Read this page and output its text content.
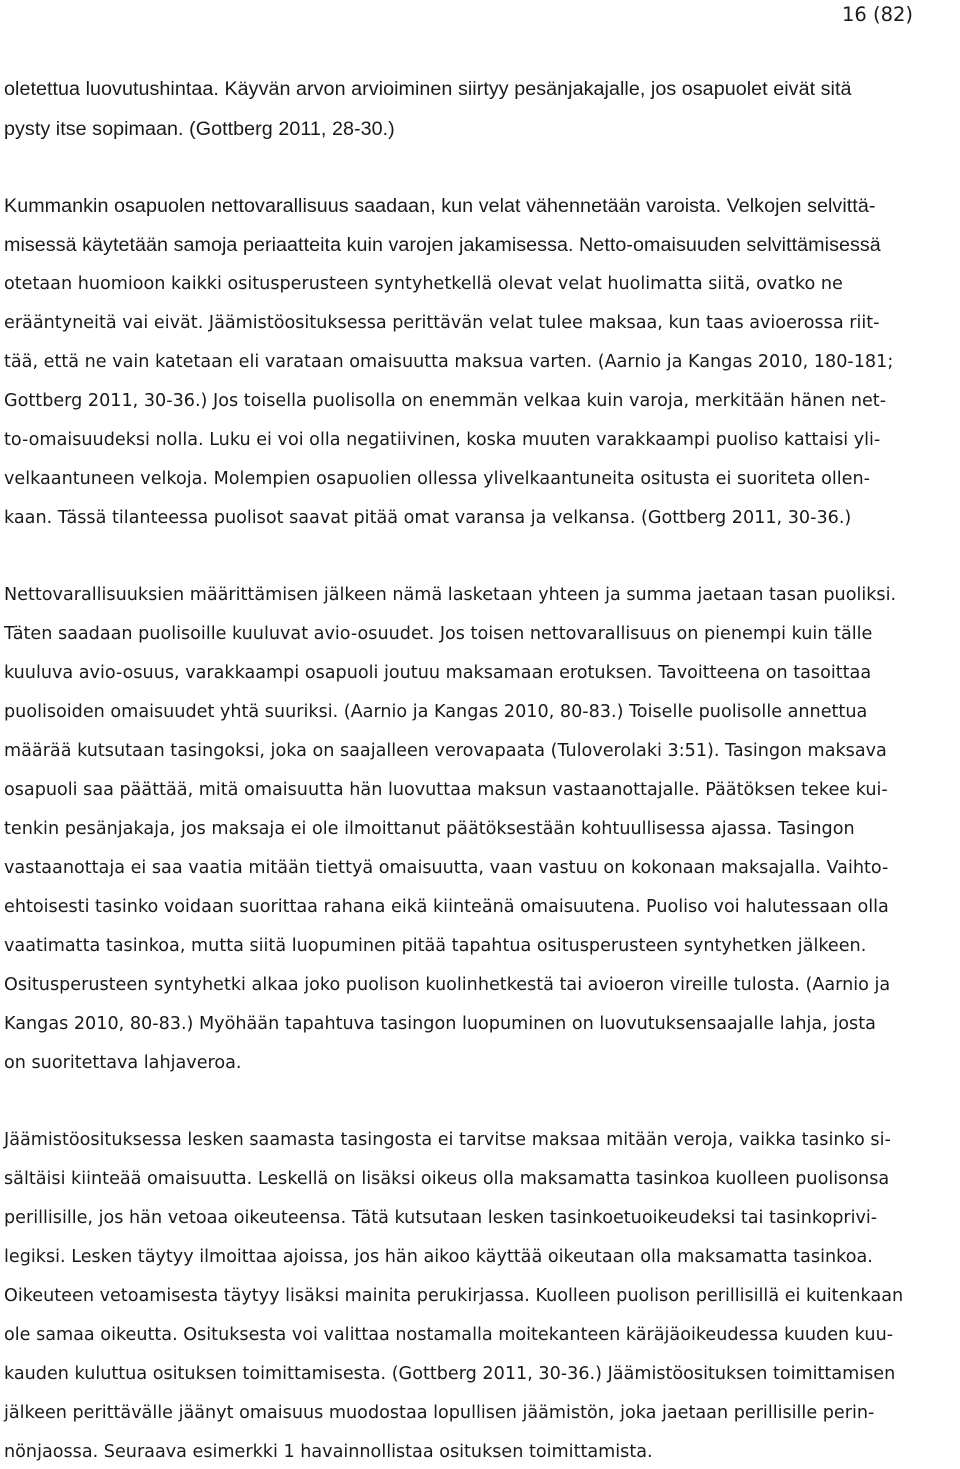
16 (82)
oletettua luovutushintaa. Käyvän arvon arvioiminen siirtyy pesänjakajalle, jos osapuolet eivät sitä
pysty itse sopimaan. (Gottberg 2011, 28-30.)
Kummankin osapuolen nettovarallisuus saadaan, kun velat vähennetään varoista. Velkojen selvittä-
misessä käytetään samoja periaatteita kuin varojen jakamisessa. Netto-omaisuuden selvittämisessä
otetaan huomioon kaikki ositusperusteen syntyhetkellä olevat velat huolimatta siitä, ovatko ne
erääntyneitä vai eivät. Jäämistöosituksessa perittävän velat tulee maksaa, kun taas avioerossa riit-
tää, että ne vain katetaan eli varataan omaisuutta maksua varten. (Aarnio ja Kangas 2010, 180-181;
Gottberg 2011, 30-36.) Jos toisella puolisolla on enemmän velkaa kuin varoja, merkitään hänen net-
to-omaisuudeksi nolla. Luku ei voi olla negatiivinen, koska muuten varakkaampi puoliso kattaisi yli-
velkaantuneen velkoja. Molempien osapuolien ollessa ylivelkaantuneita ositusta ei suoriteta ollen-
kaan. Tässä tilanteessa puolisot saavat pitää omat varansa ja velkansa. (Gottberg 2011, 30-36.)
Nettovarallisuuksien määrittämisen jälkeen nämä lasketaan yhteen ja summa jaetaan tasan puoliksi.
Täten saadaan puolisoille kuuluvat avio-osuudet. Jos toisen nettovarallisuus on pienempi kuin tälle
kuuluva avio-osuus, varakkaampi osapuoli joutuu maksamaan erotuksen. Tavoitteena on tasoittaa
puolisoiden omaisuudet yhtä suuriksi. (Aarnio ja Kangas 2010, 80-83.) Toiselle puolisolle annettua
määrää kutsutaan tasingoksi, joka on saajalleen verovapaata (Tuloverolaki 3:51). Tasingon maksava
osapuoli saa päättää, mitä omaisuutta hän luovuttaa maksun vastaanottajalle. Päätöksen tekee kui-
tenkin pesänjakaja, jos maksaja ei ole ilmoittanut päätöksestään kohtuullisessa ajassa. Tasingon
vastaanottaja ei saa vaatia mitään tiettyä omaisuutta, vaan vastuu on kokonaan maksajalla. Vaihto-
ehtoisesti tasinko voidaan suorittaa rahana eikä kiinteänä omaisuutena. Puoliso voi halutessaan olla
vaatimatta tasinkoa, mutta siitä luopuminen pitää tapahtua ositusperusteen syntyhetken jälkeen.
Ositusperusteen syntyhetki alkaa joko puolison kuolinhetkestä tai avioeron vireille tulosta. (Aarnio ja
Kangas 2010, 80-83.) Myöhään tapahtuva tasingon luopuminen on luovutuksensaajalle lahja, josta
on suoritettava lahjaveroa.
Jäämistöosituksessa lesken saamasta tasingosta ei tarvitse maksaa mitään veroja, vaikka tasinko si-
sältäisi kiinteää omaisuutta. Leskellä on lisäksi oikeus olla maksamatta tasinkoa kuolleen puolisonsa
perillisille, jos hän vetoaa oikeuteensa. Tätä kutsutaan lesken tasinkoetuoikeudeksi tai tasinkoprivi-
legiksi. Lesken täytyy ilmoittaa ajoissa, jos hän aikoo käyttää oikeutaan olla maksamatta tasinkoa.
Oikeuteen vetoamisesta täytyy lisäksi mainita perukirjassa. Kuolleen puolison perillisillä ei kuitenkaan
ole samaa oikeutta. Osituksesta voi valittaa nostamalla moitekanteen käräjäoikeudessa kuuden kuu-
kauden kuluttua osituksen toimittamisesta. (Gottberg 2011, 30-36.) Jäämistöosituksen toimittamisen
jälkeen perittävälle jäänyt omaisuus muodostaa lopullisen jäämistön, joka jaetaan perillisille perin-
nönjaossa. Seuraava esimerkki 1 havainnollistaa osituksen toimittamista.
